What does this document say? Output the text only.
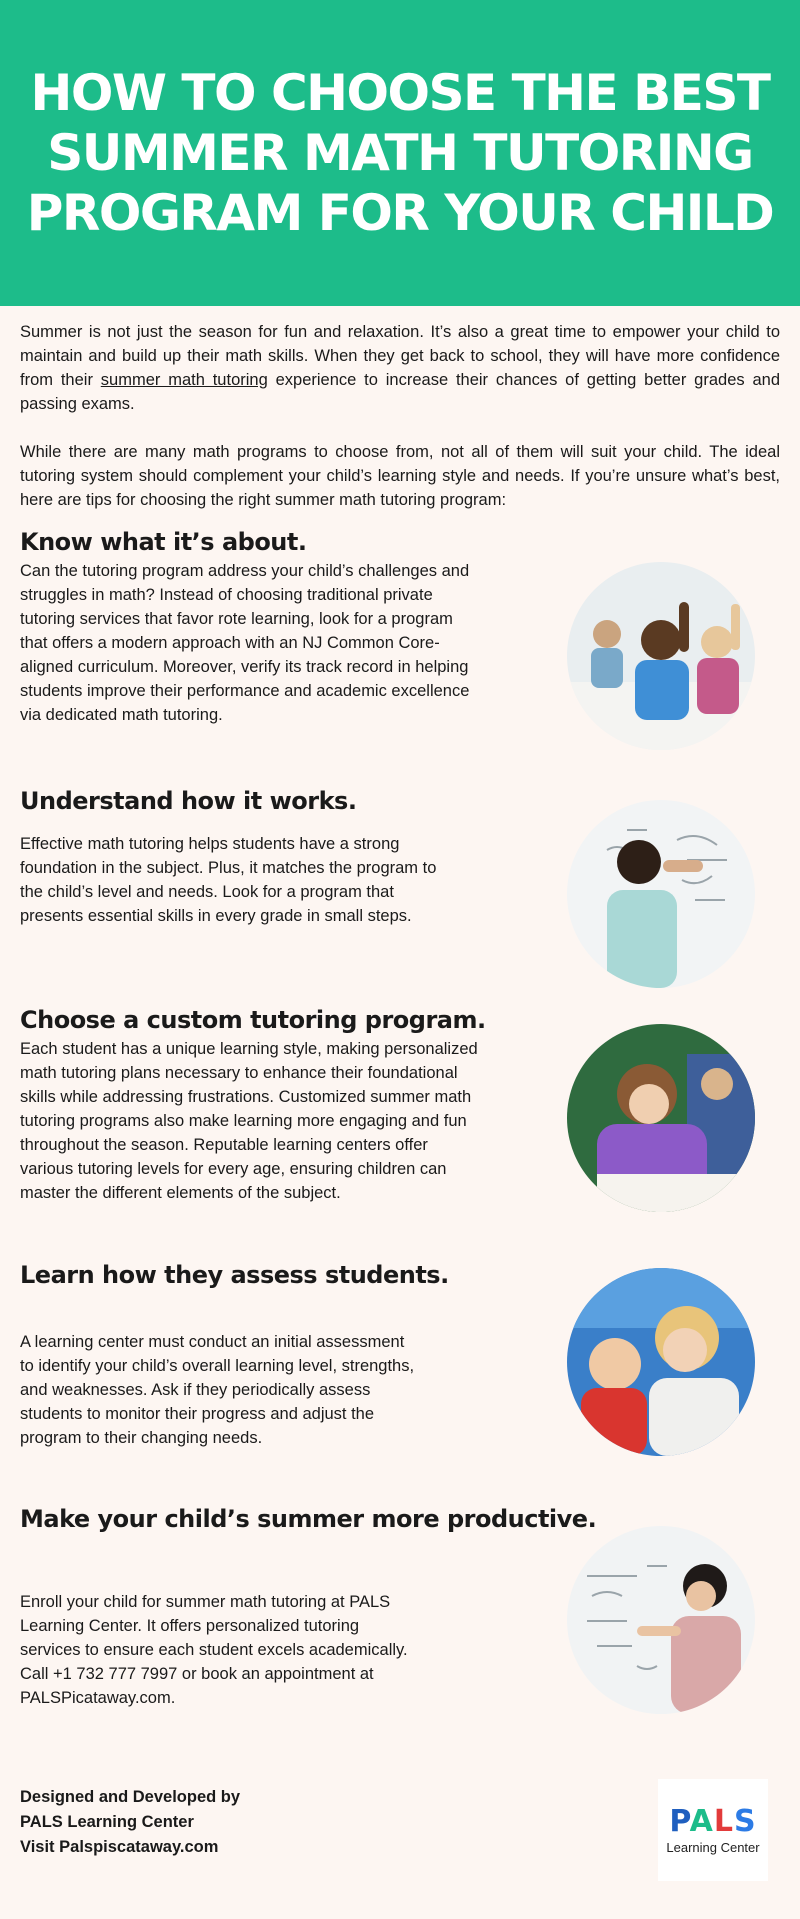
HOW TO CHOOSE THE BEST SUMMER MATH TUTORING PROGRAM FOR YOUR CHILD

Summer is not just the season for fun and relaxation. It’s also a great time to empower your child to maintain and build up their math skills. When they get back to school, they will have more confidence from their summer math tutoring experience to increase their chances of getting better grades and passing exams.

While there are many math programs to choose from, not all of them will suit your child. The ideal tutoring system should complement your child’s learning style and needs. If you’re unsure what’s best, here are tips for choosing the right summer math tutoring program:

Know what it’s about.

Can the tutoring program address your child’s challenges and struggles in math? Instead of choosing traditional private tutoring services that favor rote learning, look for a program that offers a modern approach with an NJ Common Core-aligned curriculum. Moreover, verify its track record in helping students improve their performance and academic excellence via dedicated math tutoring.

Understand how it works.

Effective math tutoring helps students have a strong foundation in the subject. Plus, it matches the program to the child’s level and needs. Look for a program that presents essential skills in every grade in small steps.

Choose a custom tutoring program.

Each student has a unique learning style, making personalized math tutoring plans necessary to enhance their foundational skills while addressing frustrations. Customized summer math tutoring programs also make learning more engaging and fun throughout the season. Reputable learning centers offer various tutoring levels for every age, ensuring children can master the different elements of the subject.

Learn how they assess students.

A learning center must conduct an initial assessment to identify your child’s overall learning level, strengths, and weaknesses. Ask if they periodically assess students to monitor their progress and adjust the program to their changing needs.

Make your child’s summer more productive.

Enroll your child for summer math tutoring at PALS Learning Center. It offers personalized tutoring services to ensure each student excels academically. Call +1 732 777 7997 or book an appointment at PALSPicataway.com.

Designed and Developed by
PALS Learning Center
Visit Palspiscataway.com

PALS
Learning Center
